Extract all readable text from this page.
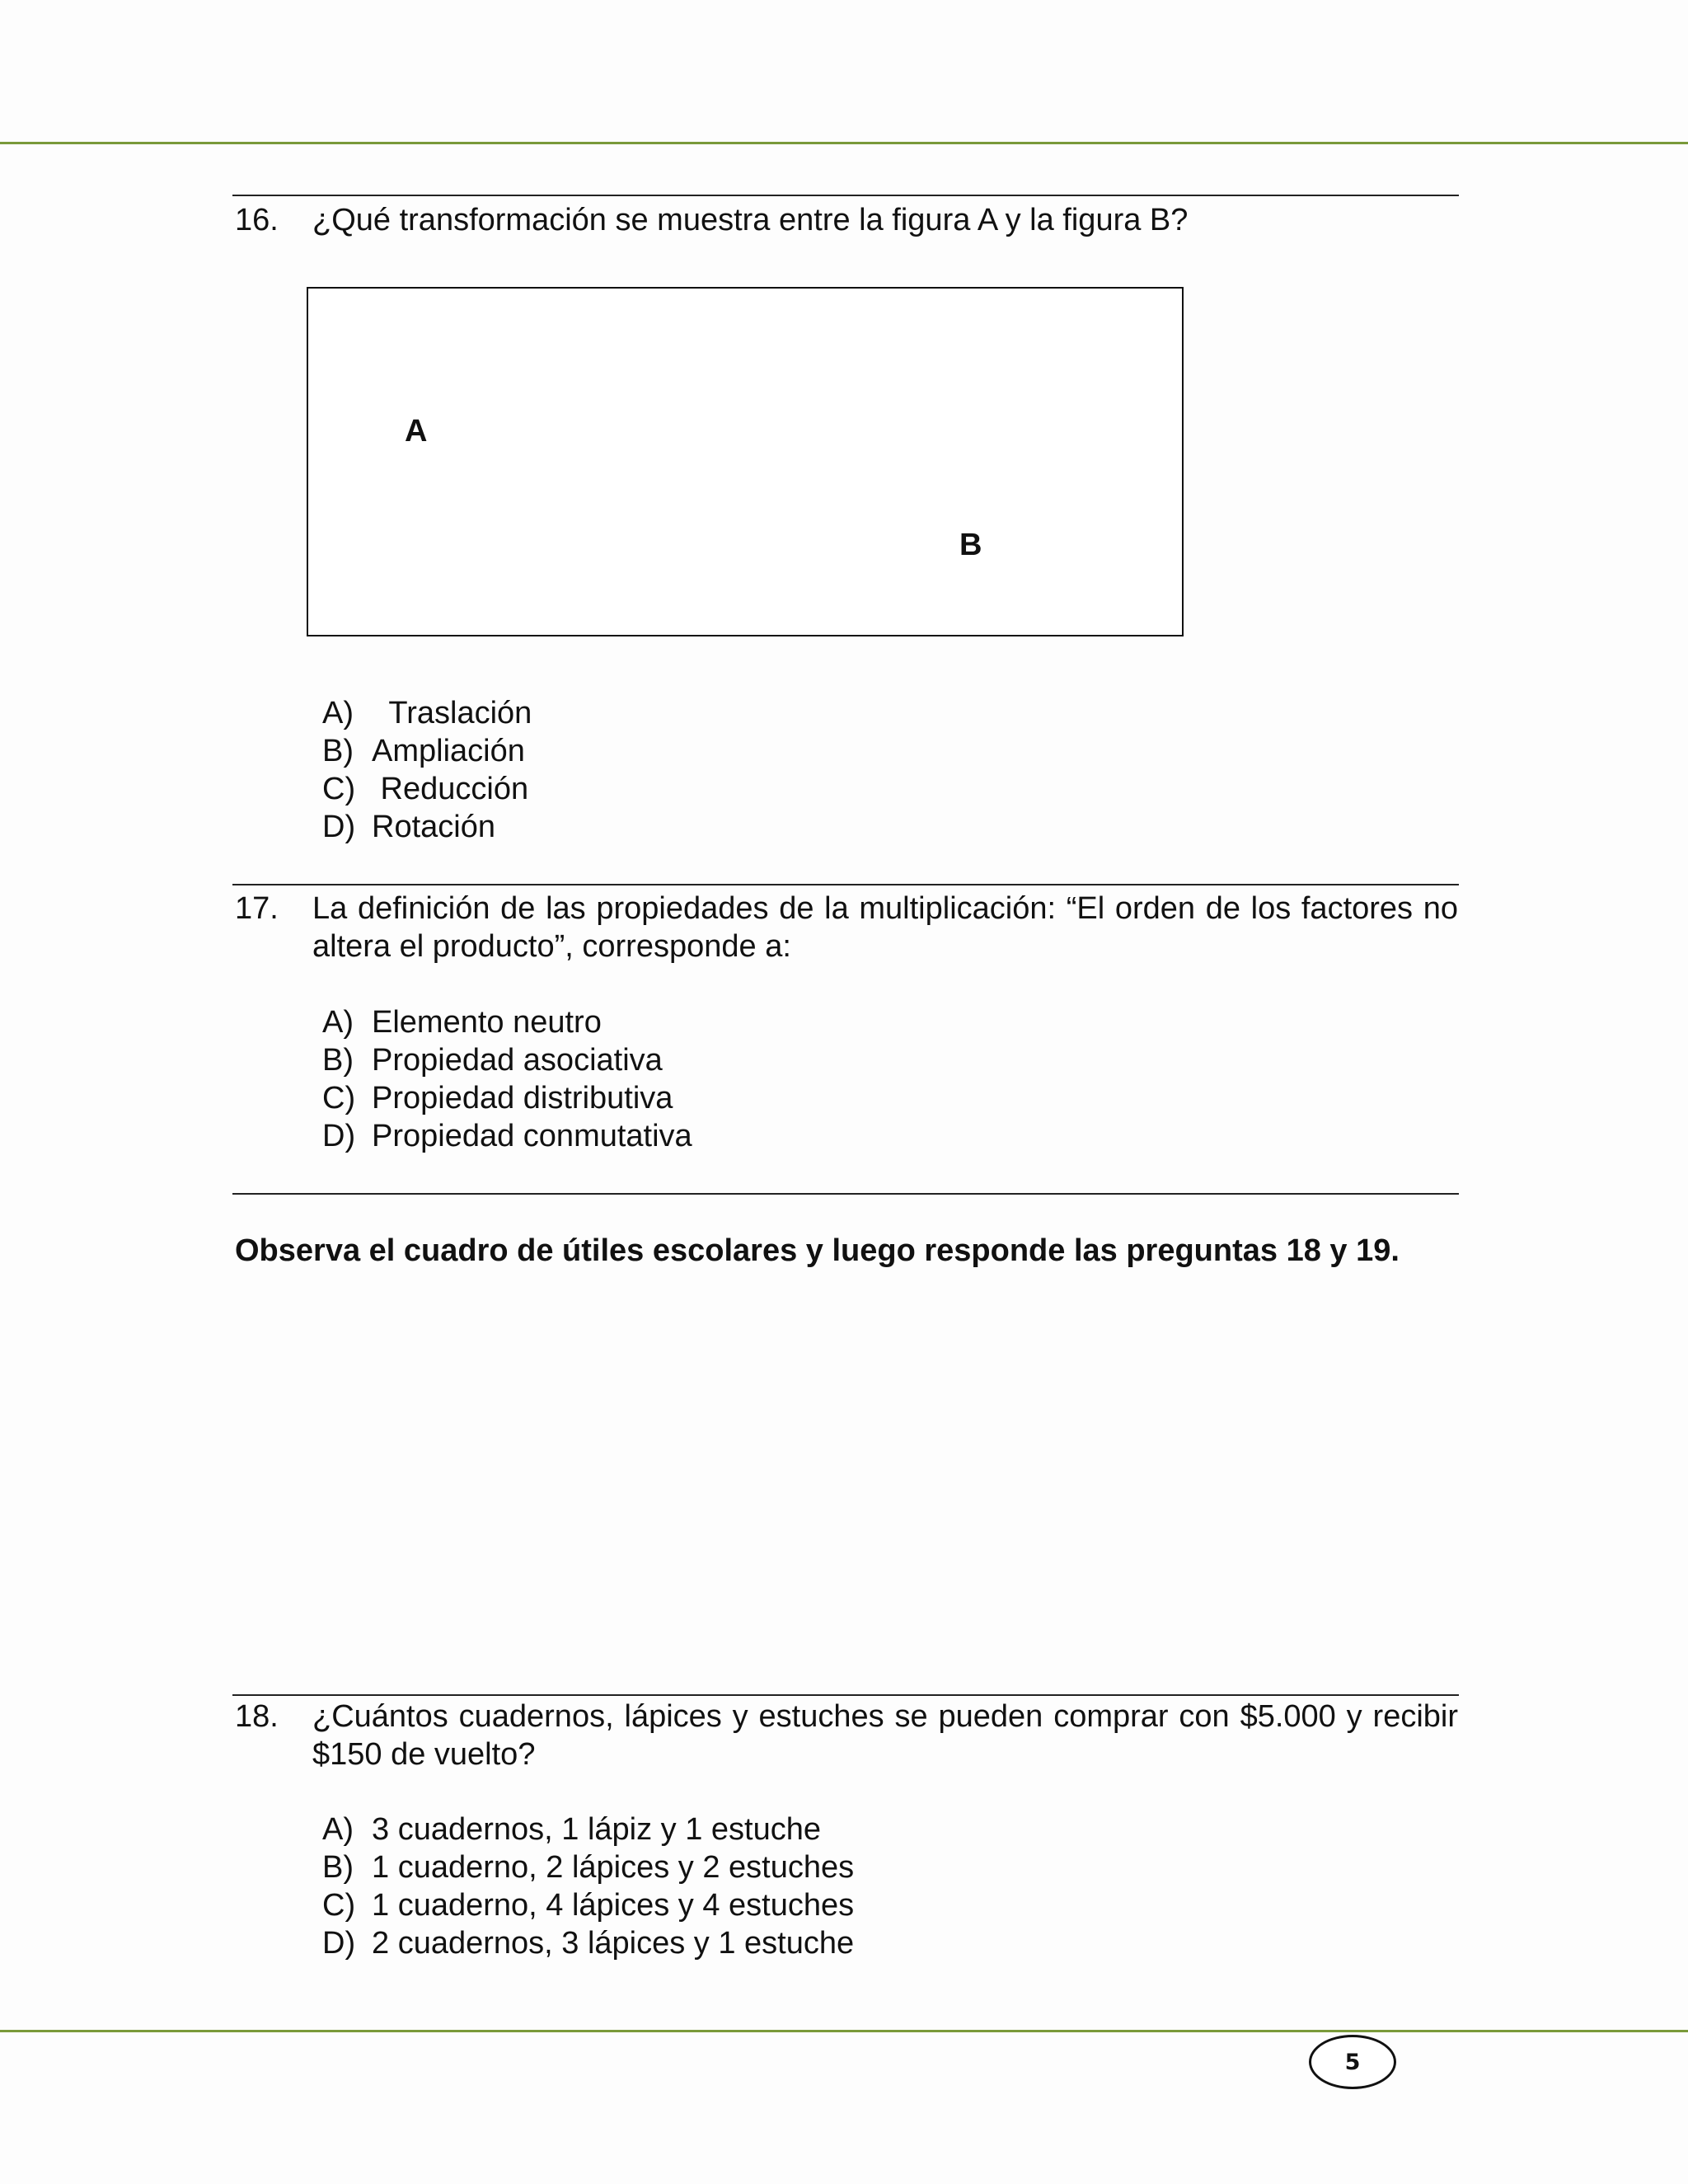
16. ¿Qué transformación se muestra entre la figura A y la figura B?
A
B
A) Traslación
B) Ampliación
C) Reducción
D) Rotación
17. La definición de las propiedades de la multiplicación: “El orden de los factores no altera el producto”, corresponde a:
A) Elemento neutro
B) Propiedad asociativa
C) Propiedad distributiva
D) Propiedad conmutativa
Observa el cuadro de útiles escolares y luego responde las preguntas 18 y 19.
18. ¿Cuántos cuadernos, lápices y estuches se pueden comprar con $5.000 y recibir $150 de vuelto?
A) 3 cuadernos, 1 lápiz y 1 estuche
B) 1 cuaderno, 2 lápices y 2 estuches
C) 1 cuaderno, 4 lápices y 4 estuches
D) 2 cuadernos, 3 lápices y 1 estuche
5
